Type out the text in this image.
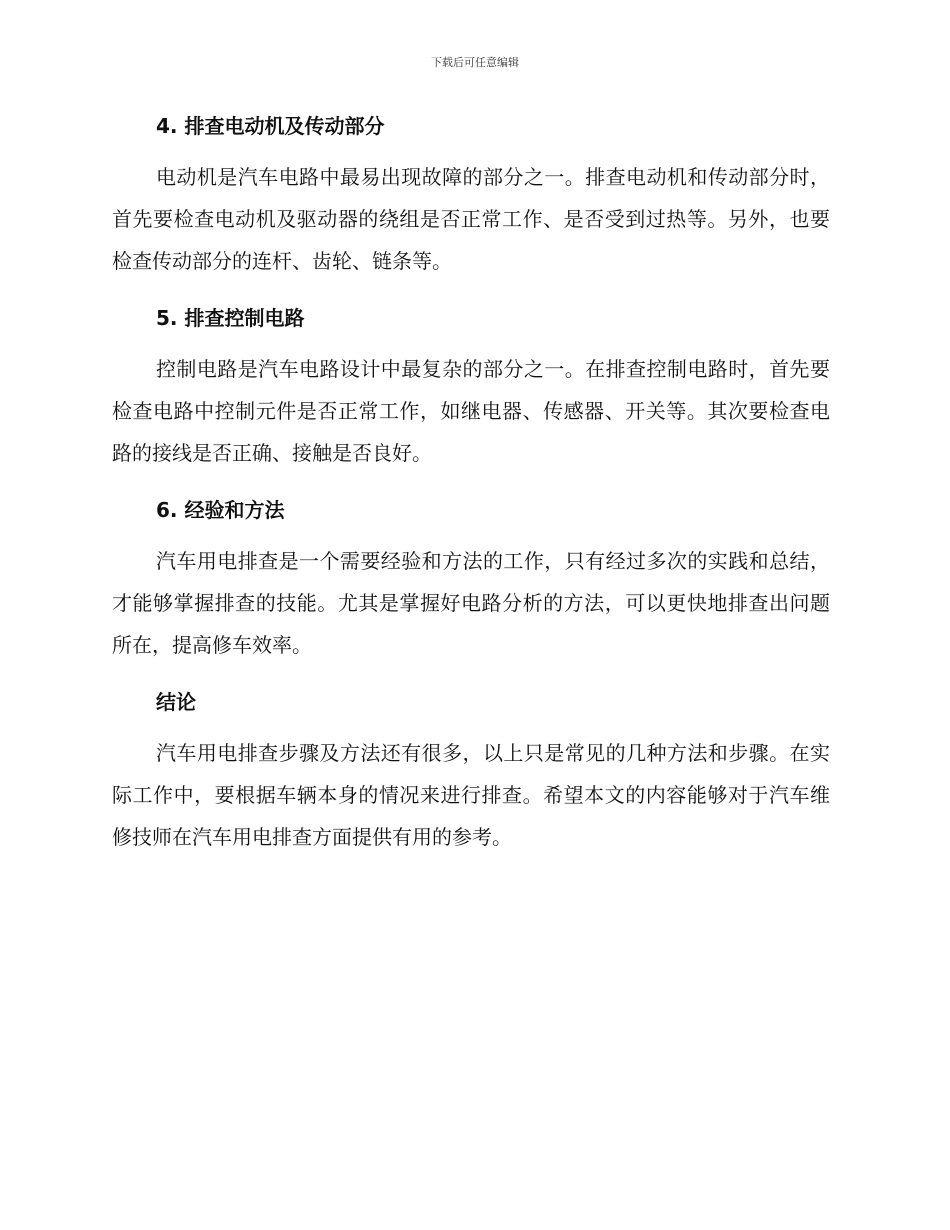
下载后可任意编辑
4. 排查电动机及传动部分

电动机是汽车电路中最易出现故障的部分之一。排查电动机和传动部分时，首先要检查电动机及驱动器的绕组是否正常工作、是否受到过热等。另外，也要检查传动部分的连杆、齿轮、链条等。

5. 排查控制电路

控制电路是汽车电路设计中最复杂的部分之一。在排查控制电路时，首先要检查电路中控制元件是否正常工作，如继电器、传感器、开关等。其次要检查电路的接线是否正确、接触是否良好。

6. 经验和方法

汽车用电排查是一个需要经验和方法的工作，只有经过多次的实践和总结，才能够掌握排查的技能。尤其是掌握好电路分析的方法，可以更快地排查出问题所在，提高修车效率。

结论

汽车用电排查步骤及方法还有很多，以上只是常见的几种方法和步骤。在实际工作中，要根据车辆本身的情况来进行排查。希望本文的内容能够对于汽车维修技师在汽车用电排查方面提供有用的参考。
